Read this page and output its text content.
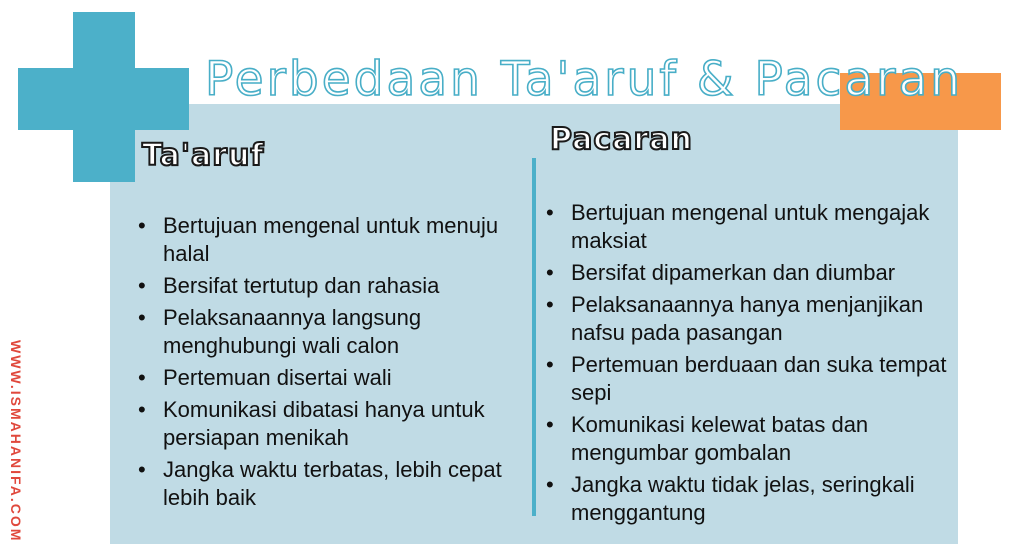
Perbedaan Ta'aruf & Pacaran
Ta'aruf	Pacaran
• Bertujuan mengenal untuk menuju halal
• Bersifat tertutup dan rahasia
• Pelaksanaannya langsung menghubungi wali calon
• Pertemuan disertai wali
• Komunikasi dibatasi hanya untuk persiapan menikah
• Jangka waktu terbatas, lebih cepat lebih baik
• Bertujuan mengenal untuk mengajak maksiat
• Bersifat dipamerkan dan diumbar
• Pelaksanaannya hanya menjanjikan nafsu pada pasangan
• Pertemuan berduaan dan suka tempat sepi
• Komunikasi kelewat batas dan mengumbar gombalan
• Jangka waktu tidak jelas, seringkali menggantung
WWW.ISMAHANIFA.COM
